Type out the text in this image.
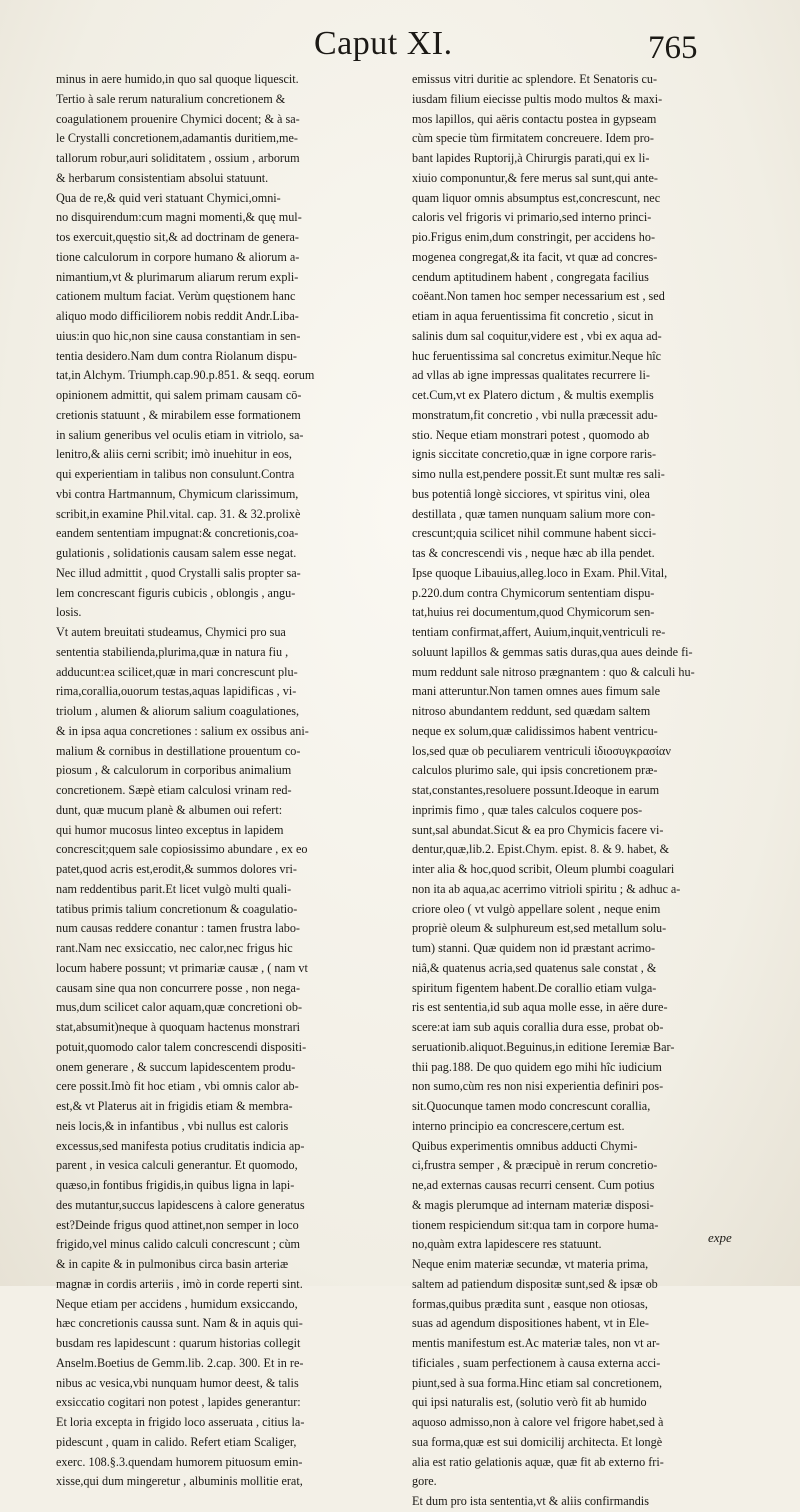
Caput XI.	765
minus in aere humido,in quo sal quoque liquescit.
Tertio à sale rerum naturalium concretionem &
coagulationem prouenire Chymici docent; & à sa-
le Crystalli concretionem,adamantis duritiem,me-
tallorum robur,auri soliditatem , ossium , arborum
& herbarum consistentiam absolui statuunt.
Qua de re,& quid veri statuant Chymici,omni-
no disquirendum:cum magni momenti,& quę mul-
tos exercuit,quęstio sit,& ad doctrinam de genera-
tione calculorum in corpore humano & aliorum a-
nimantium,vt & plurimarum aliarum rerum expli-
cationem multum faciat. Verùm quęstionem hanc
aliquo modo difficiliorem nobis reddit Andr.Liba-
uius:in quo hic,non sine causa constantiam in sen-
tentia desidero.Nam dum contra Riolanum dispu-
tat,in Alchym. Triumph.cap.90.p.851. & seqq. eorum
opinionem admittit, qui salem primam causam cō-
cretionis statuunt , & mirabilem esse formationem
in salium generibus vel oculis etiam in vitriolo, sa-
lenitro,& aliis cerni scribit; imò inuehitur in eos,
qui experientiam in talibus non consulunt.Contra
vbi contra Hartmannum, Chymicum clarissimum,
scribit,in examine Phil.vital. cap. 31. & 32.prolixè
eandem sententiam impugnat:& concretionis,coa-
gulationis , solidationis causam salem esse negat.
Nec illud admittit , quod Crystalli salis propter sa-
lem concrescant figuris cubicis , oblongis , angu-
losis.
Vt autem breuitati studeamus, Chymici pro sua
sententia stabilienda,plurima,quæ in natura fiu ,
adducunt:ea scilicet,quæ in mari concrescunt plu-
rima,corallia,ouorum testas,aquas lapidificas , vi-
triolum , alumen & aliorum salium coagulationes,
& in ipsa aqua concretiones : salium ex ossibus ani-
malium & cornibus in destillatione prouentum co-
piosum , & calculorum in corporibus animalium
concretionem. Sæpè etiam calculosi vrinam red-
dunt, quæ mucum planè & albumen oui refert:
qui humor mucosus linteo exceptus in lapidem
concrescit;quem sale copiosissimo abundare , ex eo
patet,quod acris est,erodit,& summos dolores vri-
nam reddentibus parit.Et licet vulgò multi quali-
tatibus primis talium concretionum & coagulatio-
num causas reddere conantur : tamen frustra labo-
rant.Nam nec exsiccatio, nec calor,nec frigus hic
locum habere possunt; vt primariæ causæ , ( nam vt
causam sine qua non concurrere posse , non nega-
mus,dum scilicet calor aquam,quæ concretioni ob-
stat,absumit)neque à quoquam hactenus monstrari
potuit,quomodo calor talem concrescendi dispositi-
onem generare , & succum lapidescentem produ-
cere possit.Imò fit hoc etiam , vbi omnis calor ab-
est,& vt Platerus ait in frigidis etiam & membra-
neis locis,& in infantibus , vbi nullus est caloris
excessus,sed manifesta potius cruditatis indicia ap-
parent , in vesica calculi generantur. Et quomodo,
quæso,in fontibus frigidis,in quibus ligna in lapi-
des mutantur,succus lapidescens à calore generatus
est?Deinde frigus quod attinet,non semper in loco
frigido,vel minus calido calculi concrescunt ; cùm
& in capite & in pulmonibus circa basin arteriæ
magnæ in cordis arteriis , imò in corde reperti sint.
Neque etiam per accidens , humidum exsiccando,
hæc concretionis caussa sunt. Nam & in aquis qui-
busdam res lapidescunt : quarum historias collegit
Anselm.Boetius de Gemm.lib. 2.cap. 300. Et in re-
nibus ac vesica,vbi nunquam humor deest, & talis
exsiccatio cogitari non potest , lapides generantur:
Et loria excepta in frigido loco asseruata , citius la-
pidescunt , quam in calido. Refert etiam Scaliger,
exerc. 108.§.3.quendam humorem pituosum emin-
xisse,qui dum mingeretur , albuminis mollitie erat,
emissus vitri duritie ac splendore. Et Senatoris cu-
iusdam filium eiecisse pultis modo multos & maxi-
mos lapillos, qui aëris contactu postea in gypseam
cùm specie tùm firmitatem concreuere. Idem pro-
bant lapides Ruptorij,à Chirurgis parati,qui ex li-
xiuio componuntur,& fere merus sal sunt,qui ante-
quam liquor omnis absumptus est,concrescunt, nec
caloris vel frigoris vi primario,sed interno princi-
pio.Frigus enim,dum constringit, per accidens ho-
mogenea congregat,& ita facit, vt quæ ad concres-
cendum aptitudinem habent , congregata facilius
coëant.Non tamen hoc semper necessarium est , sed
etiam in aqua feruentissima fit concretio , sicut in
salinis dum sal coquitur,videre est , vbi ex aqua ad-
huc feruentissima sal concretus eximitur.Neque hîc
ad vllas ab igne impressas qualitates recurrere li-
cet.Cum,vt ex Platero dictum , & multis exemplis
monstratum,fit concretio , vbi nulla præcessit adu-
stio. Neque etiam monstrari potest , quomodo ab
ignis siccitate concretio,quæ in igne corpore raris-
simo nulla est,pendere possit.Et sunt multæ res sali-
bus potentiâ longè sicciores, vt spiritus vini, olea
destillata , quæ tamen nunquam salium more con-
crescunt;quia scilicet nihil commune habent sicci-
tas & concrescendi vis , neque hæc ab illa pendet.
Ipse quoque Libauius,alleg.loco in Exam. Phil.Vital,
p.220.dum contra Chymicorum sententiam dispu-
tat,huius rei documentum,quod Chymicorum sen-
tentiam confirmat,affert, Auium,inquit,ventriculi re-
soluunt lapillos & gemmas satis duras,qua aues deinde fi-
mum reddunt sale nitroso prægnantem : quo & calculi hu-
mani atteruntur.Non tamen omnes aues fimum sale
nitroso abundantem reddunt, sed quædam saltem
neque ex solum,quæ calidissimos habent ventricu-
los,sed quæ ob peculiarem ventriculi ἰδιοσυγκρασίαν
calculos plurimo sale, qui ipsis concretionem præ-
stat,constantes,resoluere possunt.Ideoque in earum
inprimis fimo , quæ tales calculos coquere pos-
sunt,sal abundat.Sicut & ea pro Chymicis facere vi-
dentur,quæ,lib.2. Epist.Chym. epist. 8. & 9. habet, &
inter alia & hoc,quod scribit, Oleum plumbi coagulari
non ita ab aqua,ac acerrimo vitrioli spiritu ; & adhuc a-
criore oleo ( vt vulgò appellare solent , neque enim
propriè oleum & sulphureum est,sed metallum solu-
tum) stanni. Quæ quidem non id præstant acrimo-
niâ,& quatenus acria,sed quatenus sale constat , &
spiritum figentem habent.De corallio etiam vulga-
ris est sententia,id sub aqua molle esse, in aëre dure-
scere:at iam sub aquis corallia dura esse, probat ob-
seruationib.aliquot.Beguinus,in editione Ieremiæ Bar-
thii pag.188. De quo quidem ego mihi hîc iudicium
non sumo,cùm res non nisi experientia definiri pos-
sit.Quocunque tamen modo concrescunt corallia,
interno principio ea concrescere,certum est.
Quibus experimentis omnibus adducti Chymi-
ci,frustra semper , & præcipuè in rerum concretio-
ne,ad externas causas recurri censent. Cum potius
& magis plerumque ad internam materiæ disposi-
tionem respiciendum sit:qua tam in corpore huma-
no,quàm extra lapidescere res statuunt.
Neque enim materiæ secundæ, vt materia prima,
saltem ad patiendum dispositæ sunt,sed & ipsæ ob
formas,quibus prædita sunt , easque non otiosas,
suas ad agendum dispositiones habent, vt in Ele-
mentis manifestum est.Ac materiæ tales, non vt ar-
tificiales , suam perfectionem à causa externa acci-
piunt,sed à sua forma.Hinc etiam sal concretionem,
qui ipsi naturalis est, (solutio verò fit ab humido
aquoso admisso,non à calore vel frigore habet,sed à
sua forma,quæ est sui domicilij architecta. Et longè
alia est ratio gelationis aquæ, quæ fit ab externo fri-
gore.
Et dum pro ista sententia,vt & aliis confirmandis
expe
